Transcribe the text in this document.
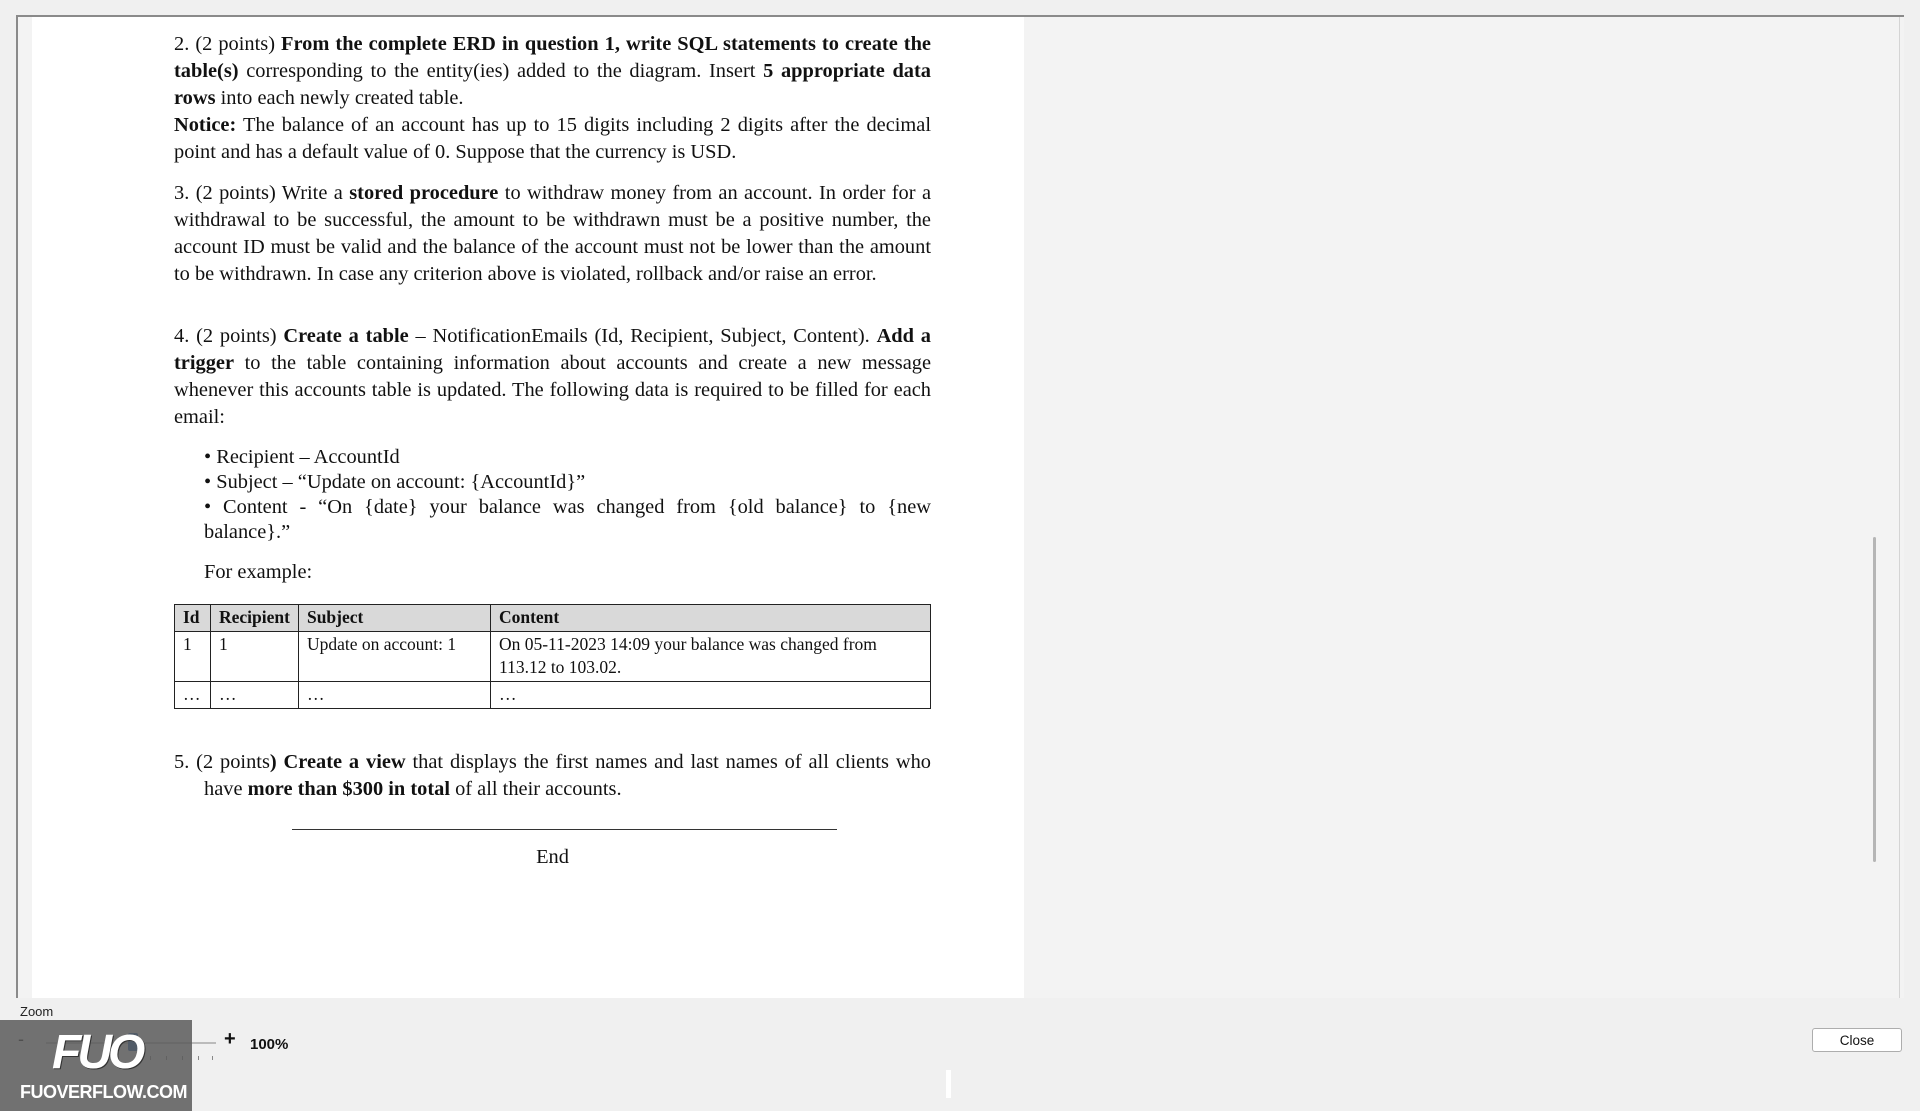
2. (2 points) From the complete ERD in question 1, write SQL statements to create the table(s) corresponding to the entity(ies) added to the diagram. Insert 5 appropriate data rows into each newly created table.

Notice: The balance of an account has up to 15 digits including 2 digits after the decimal point and has a default value of 0. Suppose that the currency is USD.

3. (2 points) Write a stored procedure to withdraw money from an account. In order for a withdrawal to be successful, the amount to be withdrawn must be a positive number, the account ID must be valid and the balance of the account must not be lower than the amount to be withdrawn. In case any criterion above is violated, rollback and/or raise an error.

4. (2 points) Create a table – NotificationEmails (Id, Recipient, Subject, Content). Add a trigger to the table containing information about accounts and create a new message whenever this accounts table is updated. The following data is required to be filled for each email:

• Recipient – AccountId
• Subject – “Update on account: {AccountId}”
• Content - “On {date} your balance was changed from {old balance} to {new balance}.”

For example:

Id	Recipient	Subject	Content
1	1	Update on account: 1	On 05-11-2023 14:09 your balance was changed from 113.12 to 103.02.
…	…	…	…

5. (2 points) Create a view that displays the first names and last names of all clients who have more than $300 in total of all their accounts.

End
Zoom
+ 100%	Close
FUO
FUOVERFLOW.COM
